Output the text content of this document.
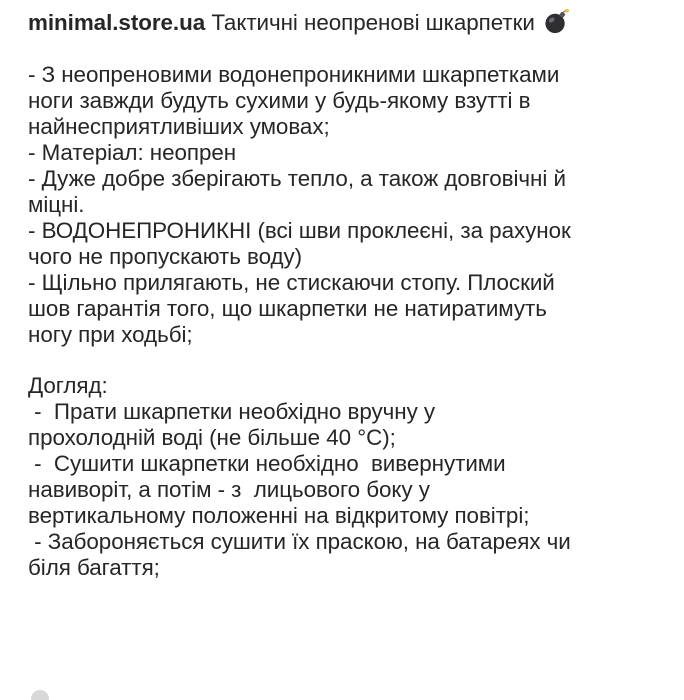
minimal.store.ua Тактичні неопренові шкарпетки
- З неопреновими водонепроникними шкарпетками
ноги завжди будуть сухими у будь-якому взутті в
найнесприятливіших умовах;
- Матеріал: неопрен
- Дуже добре зберігають тепло, а також довговічні й
міцні.
- ВОДОНЕПРОНИКНІ (всі шви проклеєні, за рахунок
чого не пропускають воду)
- Щільно прилягають, не стискаючи стопу. Плоский
шов гарантія того, що шкарпетки не натиратимуть
ногу при ходьбі;
Догляд:
-  Прати шкарпетки необхідно вручну у
прохолодній воді (не більше 40 °C);
-  Сушити шкарпетки необхідно  вивернутими
навиворіт, а потім - з  лицьового боку у
вертикальному положенні на відкритому повітрі;
- Забороняється сушити їх праскою, на батареях чи
біля багаття;
